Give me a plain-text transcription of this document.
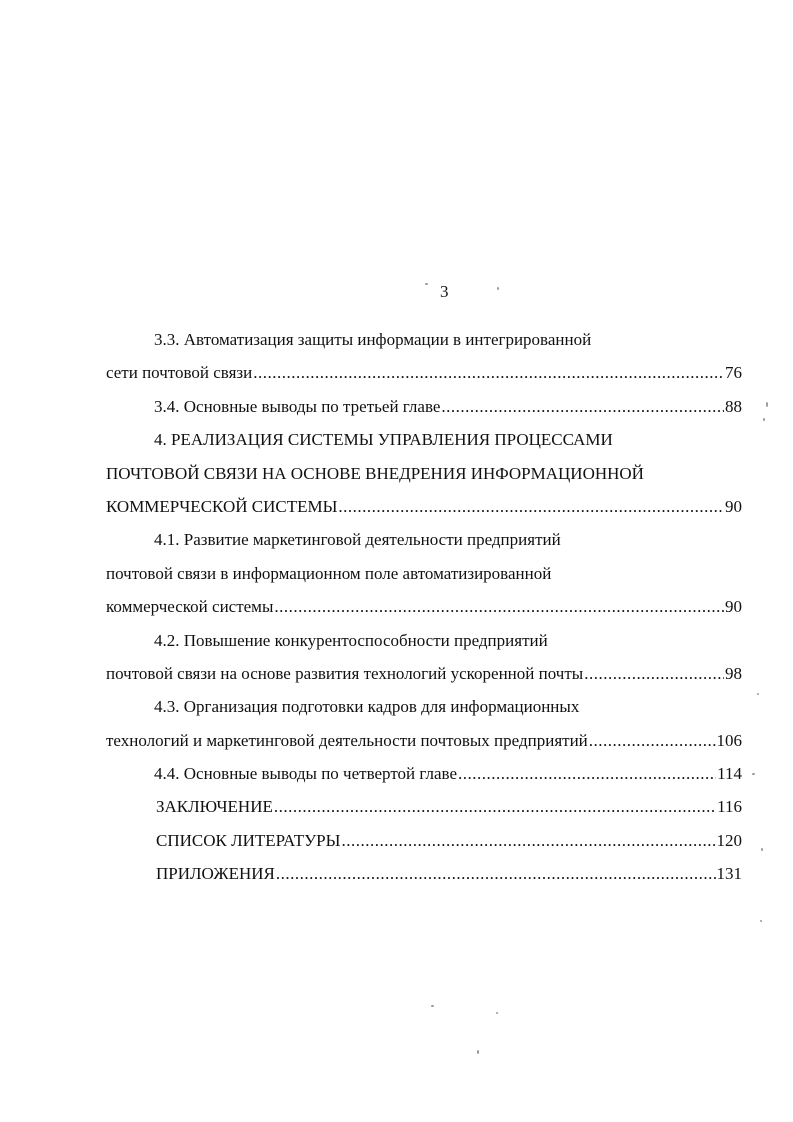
3
3.3. Автоматизация защиты информации в интегрированной
сети почтовой связи .....	76
3.4. Основные выводы по третьей главе .....	88
4. РЕАЛИЗАЦИЯ СИСТЕМЫ УПРАВЛЕНИЯ ПРОЦЕССАМИ
ПОЧТОВОЙ СВЯЗИ НА ОСНОВЕ ВНЕДРЕНИЯ ИНФОРМАЦИОННОЙ
КОММЕРЧЕСКОЙ СИСТЕМЫ .....	90
4.1. Развитие маркетинговой деятельности предприятий
почтовой связи в информационном поле автоматизированной
коммерческой системы .....	90
4.2. Повышение конкурентоспособности предприятий
почтовой связи на основе развития технологий ускоренной почты .....	98
4.3. Организация подготовки кадров для информационных
технологий и маркетинговой деятельности почтовых предприятий .....	106
4.4. Основные выводы по четвертой главе .....	114
ЗАКЛЮЧЕНИЕ .....	116
СПИСОК ЛИТЕРАТУРЫ .....	120
ПРИЛОЖЕНИЯ .....	131
